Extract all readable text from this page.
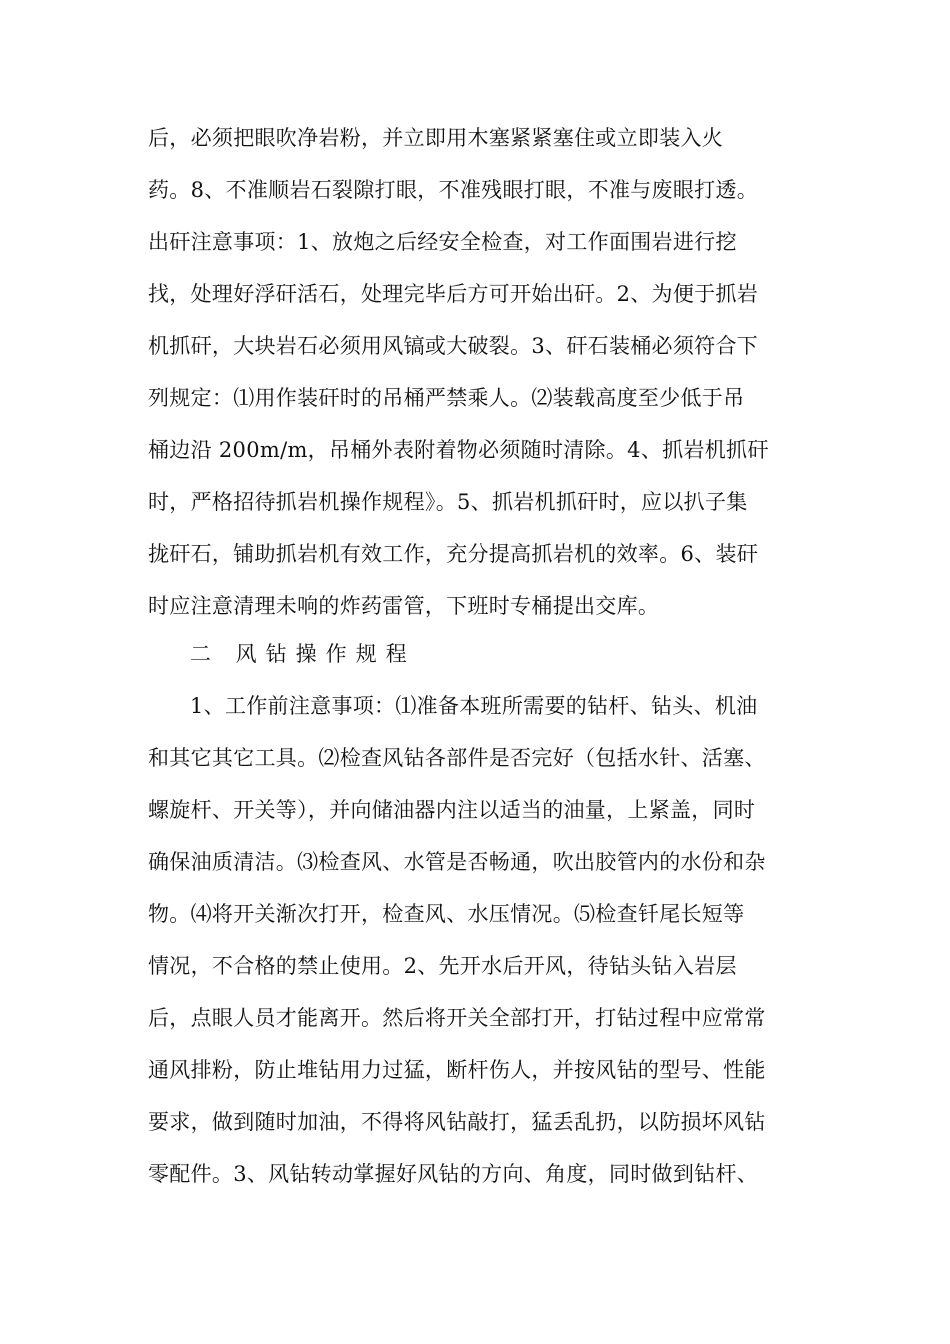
后，必须把眼吹净岩粉，并立即用木塞紧紧塞住或立即装入火
药。8、不准顺岩石裂隙打眼，不准残眼打眼，不准与废眼打透。
出矸注意事项：1、放炮之后经安全检查，对工作面围岩进行挖
找，处理好浮矸活石，处理完毕后方可开始出矸。2、为便于抓岩
机抓矸，大块岩石必须用风镐或大破裂。3、矸石装桶必须符合下
列规定：⑴用作装矸时的吊桶严禁乘人。⑵装载高度至少低于吊
桶边沿 200m/m，吊桶外表附着物必须随时清除。4、抓岩机抓矸
时，严格招待抓岩机操作规程》。5、抓岩机抓矸时，应以扒子集
拢矸石，铺助抓岩机有效工作，充分提高抓岩机的效率。6、装矸
时应注意清理未响的炸药雷管，下班时专桶提出交库。
二 风钻操作规程
1、工作前注意事项：⑴准备本班所需要的钻杆、钻头、机油
和其它其它工具。⑵检查风钻各部件是否完好（包括水针、活塞、
螺旋杆、开关等），并向储油器内注以适当的油量，上紧盖，同时
确保油质清洁。⑶检查风、水管是否畅通，吹出胶管内的水份和杂
物。⑷将开关渐次打开，检查风、水压情况。⑸检查钎尾长短等
情况，不合格的禁止使用。2、先开水后开风，待钻头钻入岩层
后，点眼人员才能离开。然后将开关全部打开，打钻过程中应常常
通风排粉，防止堆钻用力过猛，断杆伤人，并按风钻的型号、性能
要求，做到随时加油，不得将风钻敲打，猛丢乱扔，以防损坏风钻
零配件。3、风钻转动掌握好风钻的方向、角度，同时做到钻杆、
